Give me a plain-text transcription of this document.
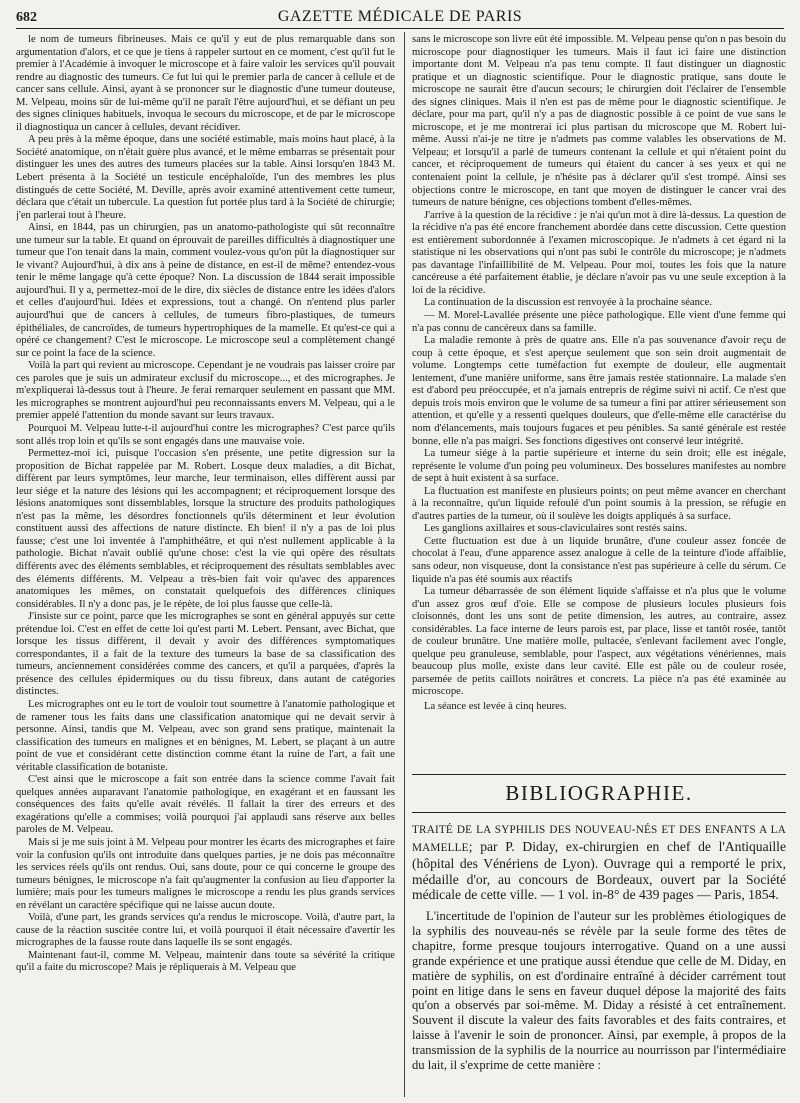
682	GAZETTE MÉDICALE DE PARIS

le nom de tumeurs fibrineuses. Mais ce qu'il y eut de plus remarquable dans son argumentation d'alors, et ce que je tiens à rappeler surtout en ce moment, c'est qu'il fut le premier à l'Académie à invoquer le microscope et à faire valoir les services qu'il pouvait rendre au diagnostic des tumeurs. Ce fut lui qui le premier parla de cancer à cellule et de cancer sans cellule. Ainsi, ayant à se prononcer sur le diagnostic d'une tumeur douteuse, M. Velpeau, moins sûr de lui-même qu'il ne paraît l'être aujourd'hui, et se défiant un peu des signes cliniques habituels, invoqua le secours du microscope, et de par le microscope il diagnostiqua un cancer à cellules, devant récidiver.

A peu près à la même époque, dans une société estimable, mais moins haut placé, à la Société anatomique, on n'était guère plus avancé, et le même embarras se présentait pour distinguer les unes des autres des tumeurs placées sur la table. Ainsi lorsqu'en 1843 M. Lebert présenta à la Société un testicule encéphaloïde, l'un des membres les plus distingués de cette Société, M. Deville, après avoir examiné attentivement cette tumeur, déclara que c'était un tubercule. La question fut portée plus tard à la Société de chirurgie; j'en parlerai tout à l'heure.

Ainsi, en 1844, pas un chirurgien, pas un anatomo-pathologiste qui sût reconnaître une tumeur sur la table. Et quand on éprouvait de pareilles difficultés à diagnostiquer une tumeur que l'on tenait dans la main, comment voulez-vous qu'on pût la diagnostiquer sur le vivant? Aujourd'hui, à dix ans à peine de distance, en est-il de même? entendez-vous tenir le même langage qu'à cette époque? Non. La discussion de 1844 serait impossible aujourd'hui. Il y a, permettez-moi de le dire, dix siècles de distance entre les idées d'alors et celles d'aujourd'hui. Idées et expressions, tout a changé. On n'entend plus parler aujourd'hui que de cancers à cellules, de tumeurs fibro-plastiques, de tumeurs épithéliales, de cancroïdes, de tumeurs hypertrophiques de la mamelle. Et qu'est-ce qui a opéré ce changement? C'est le microscope. Le microscope seul a complètement changé sur ce point la face de la science.

Voilà la part qui revient au microscope. Cependant je ne voudrais pas laisser croire par ces paroles que je suis un admirateur exclusif du microscope..., et des micrographes. Je m'expliquerai là-dessus tout à l'heure. Je ferai remarquer seulement en passant que MM. les micrographes se montrent aujourd'hui peu reconnaissants envers M. Velpeau, qui a le premier appelé l'attention du monde savant sur leurs travaux.

Pourquoi M. Velpeau lutte-t-il aujourd'hui contre les micrographes? C'est parce qu'ils sont allés trop loin et qu'ils se sont engagés dans une mauvaise voie.

Permettez-moi ici, puisque l'occasion s'en présente, une petite digression sur la proposition de Bichat rappelée par M. Robert. Losque deux maladies, a dit Bichat, diffèrent par leurs symptômes, leur marche, leur terminaison, elles diffèrent aussi par leur siége et la nature des lésions qui les accompagnent; et réciproquement lorsque des lésions anatomiques sont dissemblables, lorsque la structure des produits pathologiques n'est pas la même, les désordres fonctionnels qu'ils déterminent et leur évolution constituent aussi des affections de nature distincte. Eh bien! il n'y a pas de loi plus fausse; c'est une loi inventée à l'amphithéâtre, et qui n'est nullement applicable à la pathologie. Bichat n'avait oublié qu'une chose: c'est la vie qui opère des résultats différents avec des éléments semblables, et réciproquement des résultats semblables avec des éléments différents. M. Velpeau a très-bien fait voir qu'avec des apparences anatomiques les mêmes, on constatait quelquefois des différences cliniques considérables. Il n'y a donc pas, je le répète, de loi plus fausse que celle-là.

J'insiste sur ce point, parce que les micrographes se sont en général appuyés sur cette prétendue loi. C'est en effet de cette loi qu'est parti M. Lebert. Pensant, avec Bichat, que lorsque les tissus diffèrent, il devait y avoir des différences symptomatiques correspondantes, il a fait de la texture des tumeurs la base de sa classification des tumeurs, anciennement considérées comme des cancers, et qu'il a parquées, d'après la présence des cellules épidermiques ou du tissu fibreux, dans autant de catégories distinctes.

Les micrographes ont eu le tort de vouloir tout soumettre à l'anatomie pathologique et de ramener tous les faits dans une classification anatomique qui ne devait servir à personne. Ainsi, tandis que M. Velpeau, avec son grand sens pratique, maintenait la classification des tumeurs en malignes et en bénignes, M. Lebert, se plaçant à un autre point de vue et considérant cette distinction comme étant la ruine de l'art, a fait une véritable classification de botaniste.

C'est ainsi que le microscope a fait son entrée dans la science comme l'avait fait quelques années auparavant l'anatomie pathologique, en exagérant et en faussant les conséquences des faits qu'elle avait révélés. Il fallait la tirer des erreurs et des exagérations qu'elle a commises; voilà pourquoi j'ai applaudi sans réserve aux belles paroles de M. Velpeau.

Mais si je me suis joint à M. Velpeau pour montrer les écarts des micrographes et faire voir la confusion qu'ils ont introduite dans quelques parties, je ne dois pas méconnaître les services réels qu'ils ont rendus. Oui, sans doute, pour ce qui concerne le groupe des tumeurs bénignes, le microscope n'a fait qu'augmenter la confusion au lieu d'apporter la lumière; mais pour les tumeurs malignes le microscope a rendu les plus grands services en révélant un caractère spécifique qui ne laisse aucun doute.

Voilà, d'une part, les grands services qu'a rendus le microscope. Voilà, d'autre part, la cause de la réaction suscitée contre lui, et voilà pourquoi il était nécessaire d'avertir les micrographes de la fausse route dans laquelle ils se sont engagés.

Maintenant faut-il, comme M. Velpeau, maintenir dans toute sa sévérité la critique qu'il a faite du microscope? Mais je répliquerais à M. Velpeau que

sans le microscope son livre eût été impossible. M. Velpeau pense qu'on n pas besoin du microscope pour diagnostiquer les tumeurs. Mais il faut ici faire une distinction importante dont M. Velpeau n'a pas tenu compte. Il faut distinguer un diagnostic pratique et un diagnostic scientifique. Pour le diagnostic pratique, sans doute le microscope ne saurait être d'aucun secours; le chirurgien doit l'éclairer de l'ensemble des signes cliniques. Mais il n'en est pas de même pour le diagnostic scientifique. Je déclare, pour ma part, qu'il n'y a pas de diagnostic possible à ce point de vue sans le microscope, et je me montrerai ici plus partisan du microscope que M. Robert lui-même. Aussi n'ai-je ne titre je n'admets pas comme valables les observations de M. Velpeau; et lorsqu'il a parlé de tumeurs contenant la cellule et qui n'étaient point du cancer, et réciproquement de tumeurs qui étaient du cancer à ses yeux et qui ne contenaient point la cellule, je n'hésite pas à déclarer qu'il s'est trompé. Ainsi ses objections contre le microscope, en tant que moyen de distinguer le cancer vrai des tumeurs de nature bénigne, ces objections tombent d'elles-mêmes.

J'arrive à la question de la récidive : je n'ai qu'un mot à dire là-dessus. La question de la récidive n'a pas été encore franchement abordée dans cette discussion. Cette question est entièrement subordonnée à l'examen microscopique. Je n'admets à cet égard ni la statistique ni les observations qui n'ont pas subi le contrôle du microscope; je n'admets pas davantage l'infaillibilité de M. Velpeau. Pour moi, toutes les fois que la nature cancéreuse a été parfaitement établie, je déclare n'avoir pas vu une seule exception à la loi de la récidive.

La continuation de la discussion est renvoyée à la prochaine séance.

— M. Morel-Lavallée présente une pièce pathologique. Elle vient d'une femme qui n'a pas connu de cancéreux dans sa famille.

La maladie remonte à près de quatre ans. Elle n'a pas souvenance d'avoir reçu de coup à cette époque, et s'est aperçue seulement que son sein droit augmentait de volume. Longtemps cette tuméfaction fut exempte de douleur, elle augmentait lentement, d'une manière uniforme, sans être jamais restée stationnaire. La malade s'en est d'abord peu préoccupée, et n'a jamais entrepris de régime suivi ni actif. Ce n'est que depuis trois mois environ que le volume de sa tumeur a fini par attirer sérieusement son attention, et qu'elle y a ressenti quelques douleurs, que d'elle-même elle caractérise du nom d'élancements, mais toujours fugaces et peu pénibles. Sa santé générale est restée bonne, elle n'a pas maigri. Ses fonctions digestives ont conservé leur intégrité.

La tumeur siége à la partie supérieure et interne du sein droit; elle est inégale, représente le volume d'un poing peu volumineux. Des bosselures manifestes au nombre de sept à huit existent à sa surface.

La fluctuation est manifeste en plusieurs points; on peut même avancer en cherchant à la reconnaître, qu'un liquide refoulé d'un point soumis à la pression, se réfugie en d'autres parties de la tumeur, où il soulève les doigts appliqués à sa surface.

Les ganglions axillaires et sous-claviculaires sont restés sains.

Cette fluctuation est due à un liquide brunâtre, d'une couleur assez foncée de chocolat à l'eau, d'une apparence assez analogue à celle de la teinture d'iode affaiblie, sans odeur, non visqueuse, dont la consistance n'est pas supérieure à celle du sérum. Ce liquide n'a pas été soumis aux réactifs

La tumeur débarrassée de son élément liquide s'affaisse et n'a plus que le volume d'un assez gros œuf d'oie. Elle se compose de plusieurs locules plusieurs fois cloisonnés, dont les uns sont de petite dimension, les autres, au contraire, assez considérables. La face interne de leurs parois est, par place, lisse et tantôt rosée, tantôt de couleur brunâtre. Une matière molle, pultacée, s'enlevant facilement avec l'ongle, quelque peu granuleuse, semblable, pour l'aspect, aux végétations vénériennes, mais beaucoup plus molle, existe dans leur cavité. Elle est pâle ou de couleur rosée, parsemée de petits caillots noirâtres et concrets. La pièce n'a pas été examinée au microscope.

La séance est levée à cinq heures.

BIBLIOGRAPHIE.

TRAITÉ DE LA SYPHILIS DES NOUVEAU-NÉS ET DES ENFANTS A LA MAMELLE; par P. Diday, ex-chirurgien en chef de l'Antiquaille (hôpital des Vénériens de Lyon). Ouvrage qui a remporté le prix, médaille d'or, au concours de Bordeaux, ouvert par la Société médicale de cette ville. — 1 vol. in-8° de 439 pages — Paris, 1854.

L'incertitude de l'opinion de l'auteur sur les problèmes étiologiques de la syphilis des nouveau-nés se révèle par la seule forme des têtes de chapitre, forme presque toujours interrogative. Quand on a une aussi grande expérience et une pratique aussi étendue que celle de M. Diday, en matière de syphilis, on est d'ordinaire entraîné à décider carrément tout point en litige dans le sens en faveur duquel dépose la majorité des faits qu'on a observés par soi-même. M. Diday a résisté à cet entraînement. Souvent il discute la valeur des faits favorables et des faits contraires, et laisse à l'avenir le soin de prononcer. Ainsi, par exemple, à propos de la transmission de la syphilis de la nourrice au nourrisson par l'intermédiaire du lait, il s'exprime de cette manière :
